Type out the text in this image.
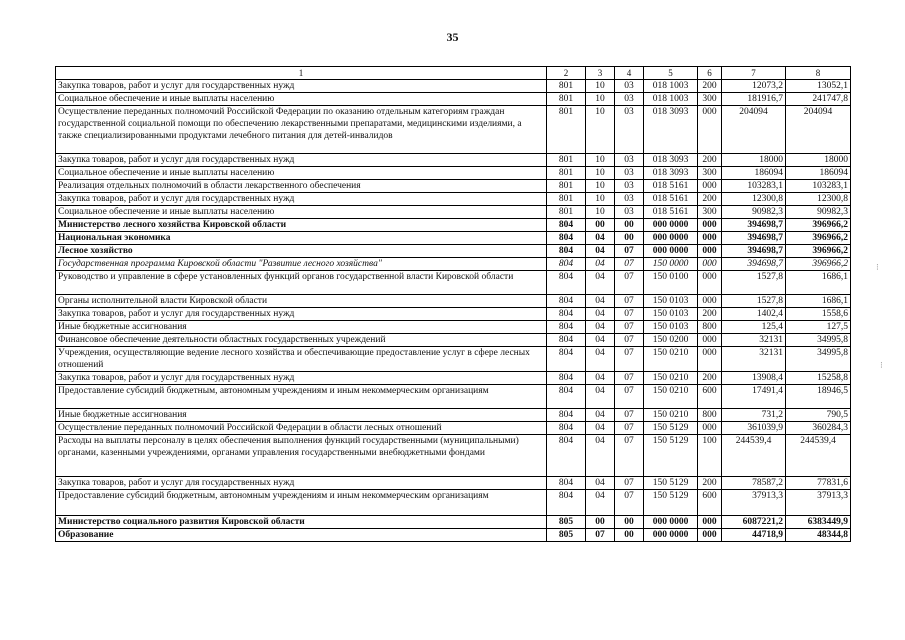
35
1	2	3	4	5	6	7	8
Закупка товаров, работ и услуг для государственных нужд	801	10	03	018 1003	200	12073,2	13052,1
Социальное обеспечение и иные выплаты населению	801	10	03	018 1003	300	181916,7	241747,8
Осуществление переданных полномочий Российской Федерации по оказанию отдельным категориям граждан государственной социальной помощи по обеспечению лекарственными препаратами, медицинскими изделиями, а также специализированными продуктами лечебного питания для детей-инвалидов	801	10	03	018 3093	000	204094	204094
Закупка товаров, работ и услуг для государственных нужд	801	10	03	018 3093	200	18000	18000
Социальное обеспечение и иные выплаты населению	801	10	03	018 3093	300	186094	186094
Реализация отдельных полномочий в области лекарственного обеспечения	801	10	03	018 5161	000	103283,1	103283,1
Закупка товаров, работ и услуг для государственных нужд	801	10	03	018 5161	200	12300,8	12300,8
Социальное обеспечение и иные выплаты населению	801	10	03	018 5161	300	90982,3	90982,3
Министерство лесного хозяйства Кировской области	804	00	00	000 0000	000	394698,7	396966,2
Национальная экономика	804	04	00	000 0000	000	394698,7	396966,2
Лесное хозяйство	804	04	07	000 0000	000	394698,7	396966,2
Государственная программа Кировской области "Развитие лесного хозяйства"	804	04	07	150 0000	000	394698,7	396966,2
Руководство и управление в сфере установленных функций органов государственной власти Кировской области	804	04	07	150 0100	000	1527,8	1686,1
Органы исполнительной власти Кировской области	804	04	07	150 0103	000	1527,8	1686,1
Закупка товаров, работ и услуг для государственных нужд	804	04	07	150 0103	200	1402,4	1558,6
Иные бюджетные ассигнования	804	04	07	150 0103	800	125,4	127,5
Финансовое обеспечение деятельности областных государственных учреждений	804	04	07	150 0200	000	32131	34995,8
Учреждения, осуществляющие ведение лесного хозяйства и обеспечивающие предоставление услуг в сфере лесных отношений	804	04	07	150 0210	000	32131	34995,8
Закупка товаров, работ и услуг для государственных нужд	804	04	07	150 0210	200	13908,4	15258,8
Предоставление субсидий бюджетным, автономным учреждениям и иным некоммерческим организациям	804	04	07	150 0210	600	17491,4	18946,5
Иные бюджетные ассигнования	804	04	07	150 0210	800	731,2	790,5
Осуществление переданных полномочий Российской Федерации в области лесных отношений	804	04	07	150 5129	000	361039,9	360284,3
Расходы на выплаты персоналу в целях обеспечения выполнения функций государственными (муниципальными) органами, казенными учреждениями, органами управления государственными внебюджетными фондами	804	04	07	150 5129	100	244539,4	244539,4
Закупка товаров, работ и услуг для государственных нужд	804	04	07	150 5129	200	78587,2	77831,6
Предоставление субсидий бюджетным, автономным учреждениям и иным некоммерческим организациям	804	04	07	150 5129	600	37913,3	37913,3
Министерство социального развития Кировской области	805	00	00	000 0000	000	6087221,2	6383449,9
Образование	805	07	00	000 0000	000	44718,9	48344,8
⁝
⁝
